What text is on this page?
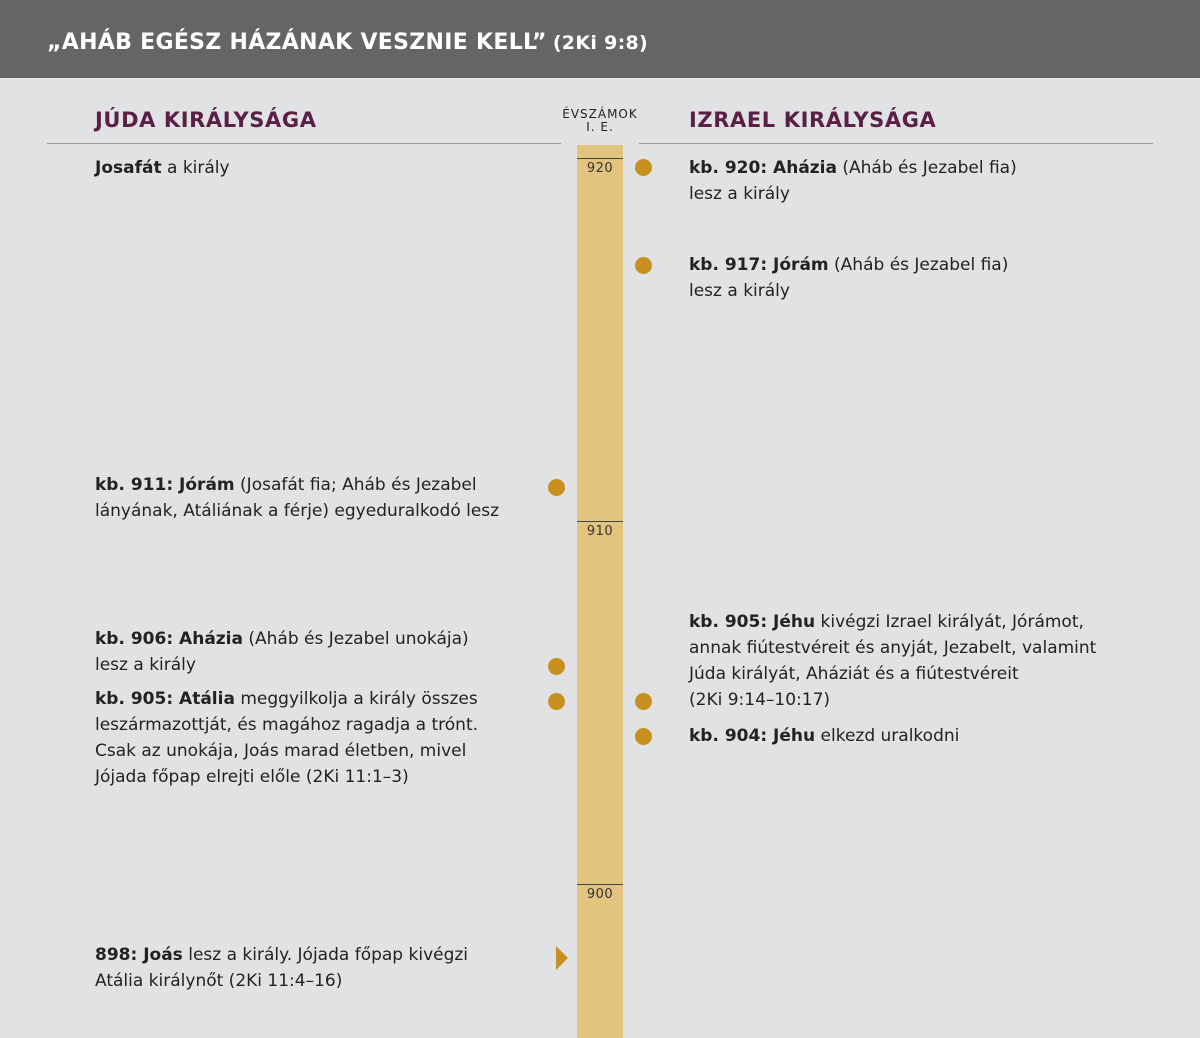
„AHÁB EGÉSZ HÁZÁNAK VESZNIE KELL” (2Ki 9:8)
JÚDA KIRÁLYSÁGA	IZRAEL KIRÁLYSÁGA
ÉVSZÁMOK
I. E.
920
910
900
Josafát a király
kb. 911: Jórám (Josafát fia; Aháb és Jezabel
lányának, Atáliának a férje) egyeduralkodó lesz
kb. 906: Aházia (Aháb és Jezabel unokája)
lesz a király
kb. 905: Atália meggyilkolja a király összes
leszármazottját, és magához ragadja a trónt.
Csak az unokája, Joás marad életben, mivel
Jójada főpap elrejti előle (2Ki 11:1–3)
898: Joás lesz a király. Jójada főpap kivégzi
Atália királynőt (2Ki 11:4–16)
kb. 920: Aházia (Aháb és Jezabel fia)
lesz a király
kb. 917: Jórám (Aháb és Jezabel fia)
lesz a király
kb. 905: Jéhu kivégzi Izrael királyát, Jórámot,
annak fiútestvéreit és anyját, Jezabelt, valamint
Júda királyát, Aháziát és a fiútestvéreit
(2Ki 9:14–10:17)
kb. 904: Jéhu elkezd uralkodni
